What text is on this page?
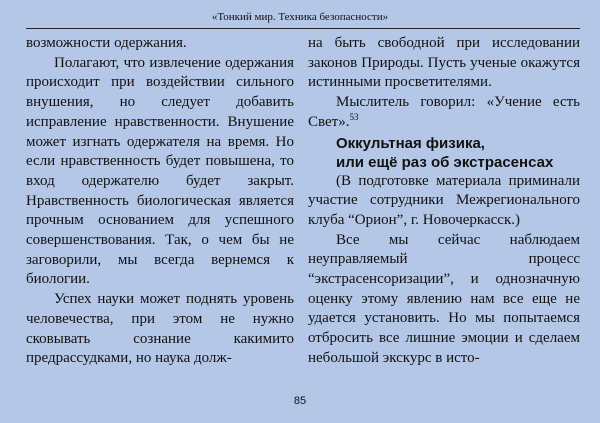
«Тонкий мир. Техника безопасности»

возможности одержания.

Полагают, что извлечение одержания происходит при воздействии сильного внушения, но следует добавить исправление нравственности. Внушение может изгнать одержателя на время. Но если нравственность будет повышена, то вход одержателю будет закрыт. Нравственность биологическая является прочным основанием для успешного совершенствования. Так, о чем бы не заговорили, мы всегда вернемся к биологии.

Успех науки может поднять уровень человечества, при этом не нужно сковывать сознание какимито предрассудками, но наука долж-

на быть свободной при исследовании законов Природы. Пусть ученые окажутся истинными просветителями.

Мыслитель говорил: «Учение есть Свет».$^{53}$

Оккультная физика,
или ещё раз об экстрасенсах

(В подготовке материала приминали участие сотрудники Межрегионального клуба “Орион”, г. Новочеркасск.)

Все мы сейчас наблюдаем неуправляемый процесс “экстрасенсоризации”, и однозначную оценку этому явлению нам все еще не удается установить. Но мы попытаемся отбросить все лишние эмоции и сделаем небольшой экскурс в исто-

85
